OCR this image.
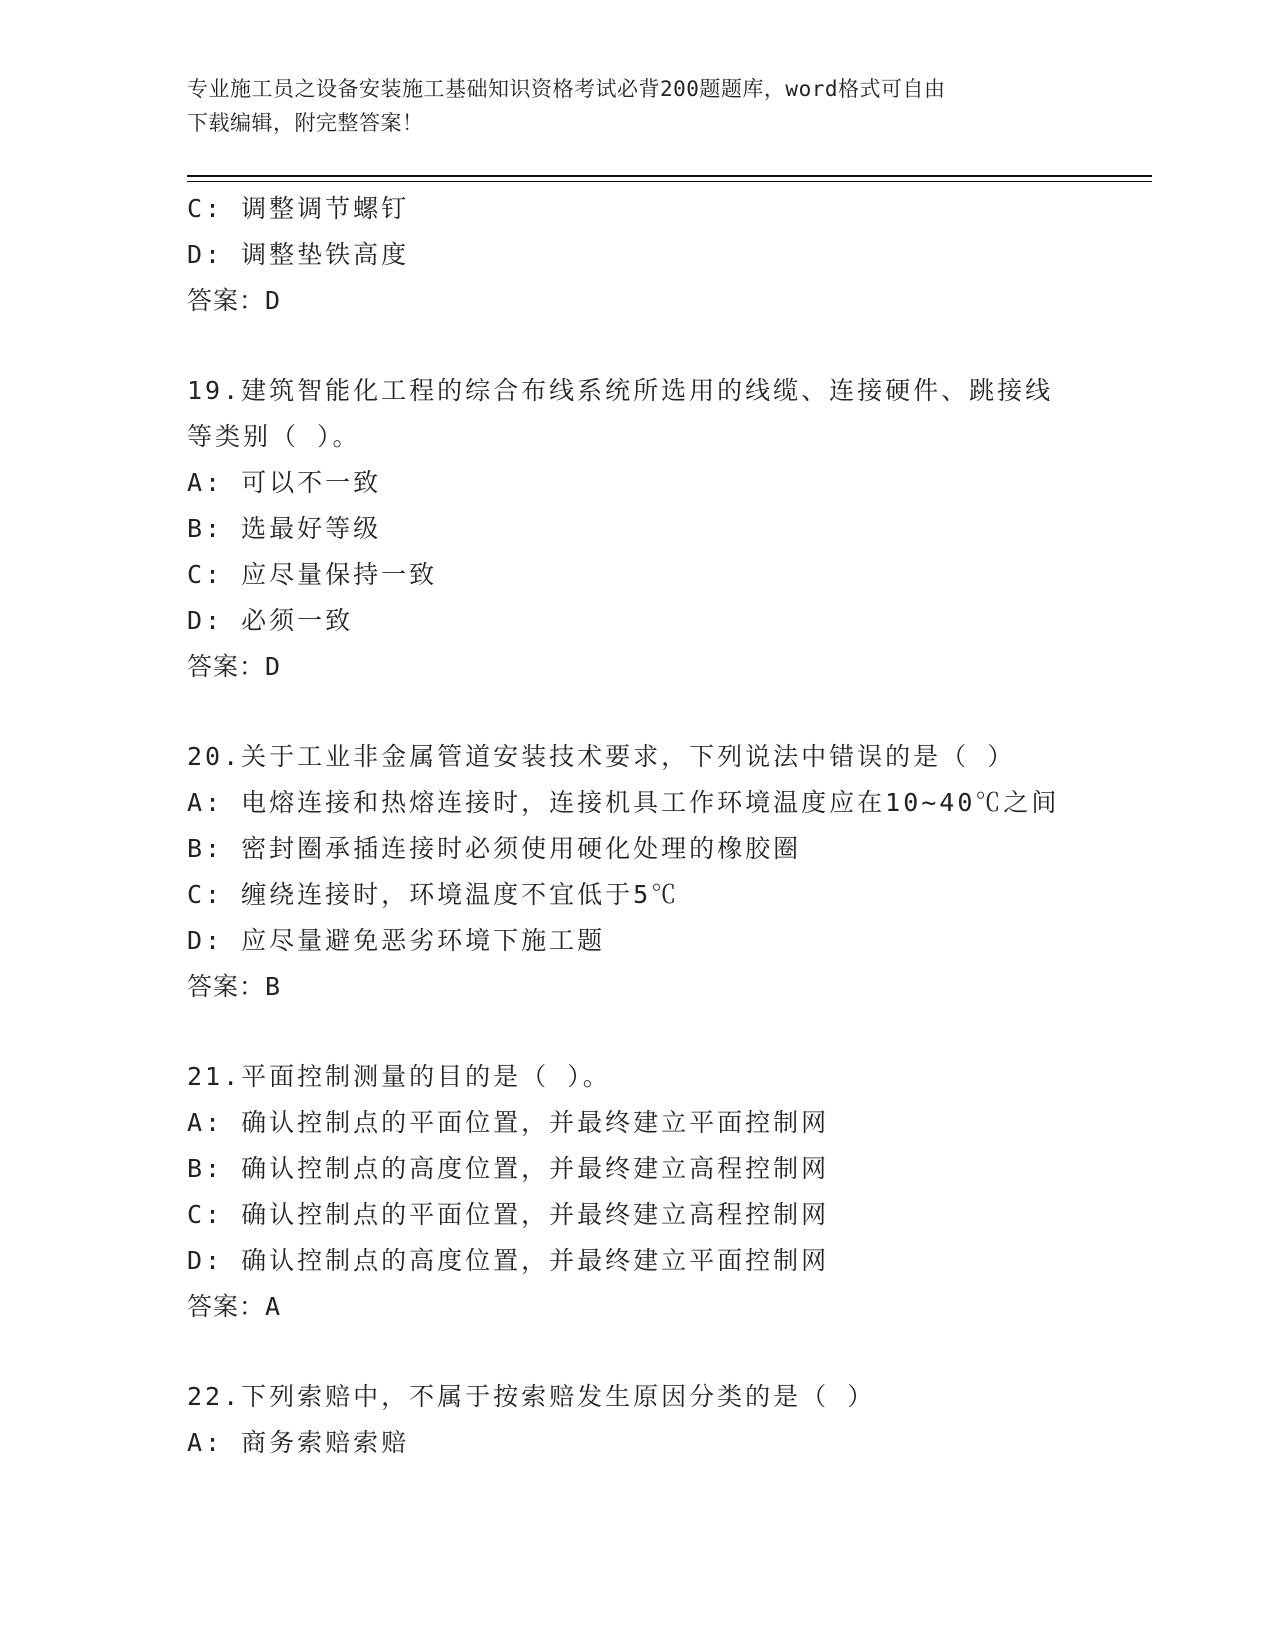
专业施工员之设备安装施工基础知识资格考试必背200题题库，word格式可自由
下载编辑，附完整答案！
C: 调整调节螺钉
D: 调整垫铁高度
答案：D
19.建筑智能化工程的综合布线系统所选用的线缆、连接硬件、跳接线
等类别（ ）。
A: 可以不一致
B: 选最好等级
C: 应尽量保持一致
D: 必须一致
答案：D
20.关于工业非金属管道安装技术要求，下列说法中错误的是（ ）
A: 电熔连接和热熔连接时，连接机具工作环境温度应在10~40℃之间
B: 密封圈承插连接时必须使用硬化处理的橡胶圈
C: 缠绕连接时，环境温度不宜低于5℃
D: 应尽量避免恶劣环境下施工题
答案：B
21.平面控制测量的目的是（ ）。
A: 确认控制点的平面位置，并最终建立平面控制网
B: 确认控制点的高度位置，并最终建立高程控制网
C: 确认控制点的平面位置，并最终建立高程控制网
D: 确认控制点的高度位置，并最终建立平面控制网
答案：A
22.下列索赔中，不属于按索赔发生原因分类的是（ ）
A: 商务索赔索赔
